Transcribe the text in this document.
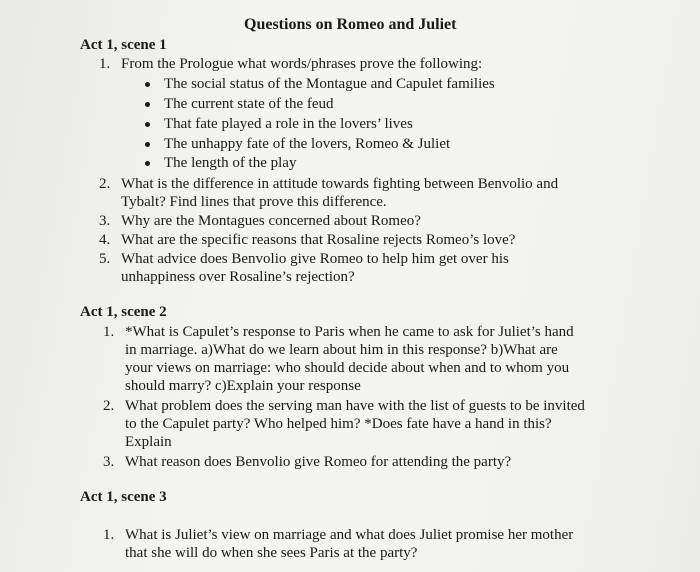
Questions on Romeo and Juliet
Act 1, scene 1
1. From the Prologue what words/phrases prove the following:
The social status of the Montague and Capulet families
The current state of the feud
That fate played a role in the lovers’ lives
The unhappy fate of the lovers, Romeo & Juliet
The length of the play
2. What is the difference in attitude towards fighting between Benvolio and
Tybalt? Find lines that prove this difference.
3. Why are the Montagues concerned about Romeo?
4. What are the specific reasons that Rosaline rejects Romeo’s love?
5. What advice does Benvolio give Romeo to help him get over his
unhappiness over Rosaline’s rejection?
Act 1, scene 2
1. *What is Capulet’s response to Paris when he came to ask for Juliet’s hand
in marriage. a)What do we learn about him in this response? b)What are
your views on marriage: who should decide about when and to whom you
should marry? c)Explain your response
2. What problem does the serving man have with the list of guests to be invited
to the Capulet party? Who helped him? *Does fate have a hand in this?
Explain
3. What reason does Benvolio give Romeo for attending the party?
Act 1, scene 3
1. What is Juliet’s view on marriage and what does Juliet promise her mother
that she will do when she sees Paris at the party?
